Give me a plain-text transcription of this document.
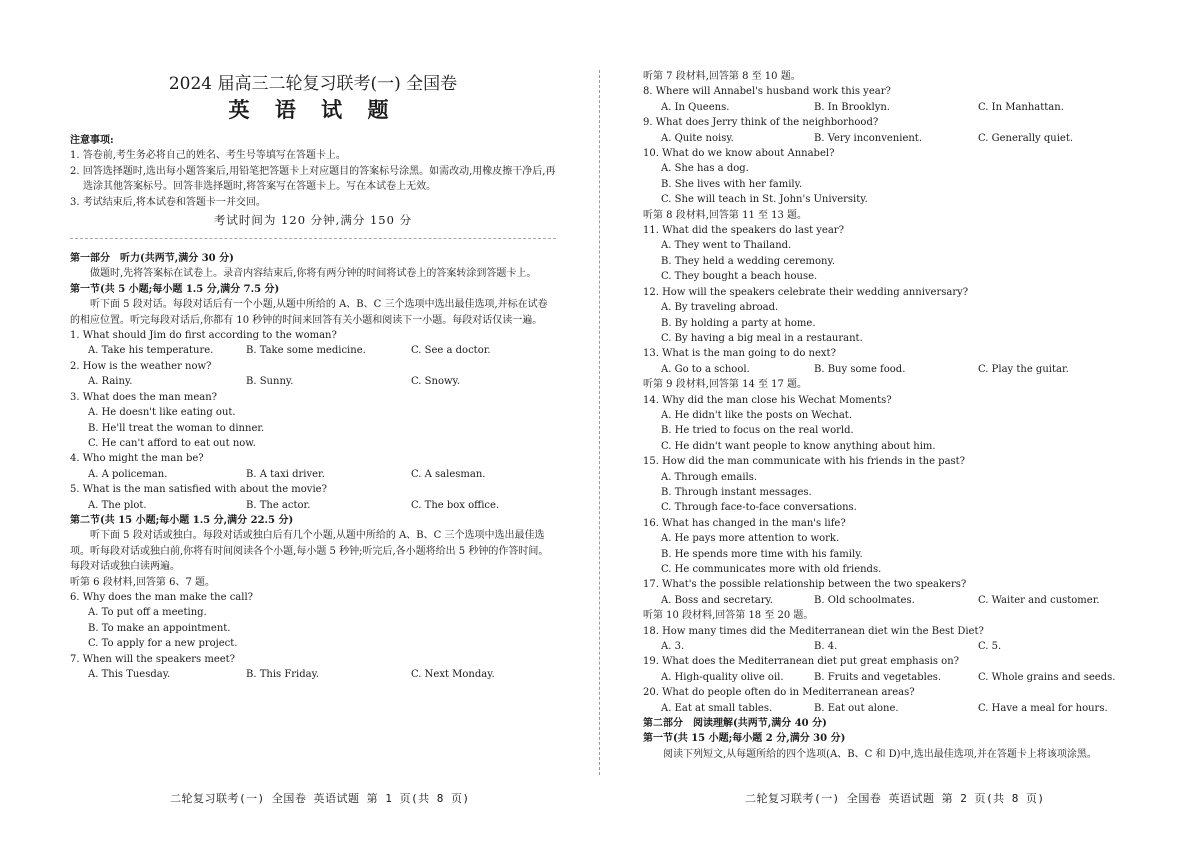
2024 届高三二轮复习联考(一) 全国卷
英 语 试 题
注意事项:
1. 答卷前,考生务必将自己的姓名、考生号等填写在答题卡上。
2. 回答选择题时,选出每小题答案后,用铅笔把答题卡上对应题目的答案标号涂黑。如需改动,用橡皮擦干净后,再选涂其他答案标号。回答非选择题时,将答案写在答题卡上。写在本试卷上无效。
3. 考试结束后,将本试卷和答题卡一并交回。
考试时间为 120 分钟,满分 150 分
第一部分　听力(共两节,满分 30 分)
做题时,先将答案标在试卷上。录音内容结束后,你将有两分钟的时间将试卷上的答案转涂到答题卡上。
第一节(共 5 小题;每小题 1.5 分,满分 7.5 分)
听下面 5 段对话。每段对话后有一个小题,从题中所给的 A、B、C 三个选项中选出最佳选项,并标在试卷的相应位置。听完每段对话后,你都有 10 秒钟的时间来回答有关小题和阅读下一小题。每段对话仅读一遍。
1. What should Jim do first according to the woman?
A. Take his temperature.	B. Take some medicine.	C. See a doctor.
2. How is the weather now?
A. Rainy.	B. Sunny.	C. Snowy.
3. What does the man mean?
A. He doesn't like eating out.
B. He'll treat the woman to dinner.
C. He can't afford to eat out now.
4. Who might the man be?
A. A policeman.	B. A taxi driver.	C. A salesman.
5. What is the man satisfied with about the movie?
A. The plot.	B. The actor.	C. The box office.
第二节(共 15 小题;每小题 1.5 分,满分 22.5 分)
听下面 5 段对话或独白。每段对话或独白后有几个小题,从题中所给的 A、B、C 三个选项中选出最佳选项。听每段对话或独白前,你将有时间阅读各个小题,每小题 5 秒钟;听完后,各小题将给出 5 秒钟的作答时间。每段对话或独白读两遍。
听第 6 段材料,回答第 6、7 题。
6. Why does the man make the call?
A. To put off a meeting.
B. To make an appointment.
C. To apply for a new project.
7. When will the speakers meet?
A. This Tuesday.	B. This Friday.	C. Next Monday.
听第 7 段材料,回答第 8 至 10 题。
8. Where will Annabel's husband work this year?
A. In Queens.	B. In Brooklyn.	C. In Manhattan.
9. What does Jerry think of the neighborhood?
A. Quite noisy.	B. Very inconvenient.	C. Generally quiet.
10. What do we know about Annabel?
A. She has a dog.
B. She lives with her family.
C. She will teach in St. John's University.
听第 8 段材料,回答第 11 至 13 题。
11. What did the speakers do last year?
A. They went to Thailand.
B. They held a wedding ceremony.
C. They bought a beach house.
12. How will the speakers celebrate their wedding anniversary?
A. By traveling abroad.
B. By holding a party at home.
C. By having a big meal in a restaurant.
13. What is the man going to do next?
A. Go to a school.	B. Buy some food.	C. Play the guitar.
听第 9 段材料,回答第 14 至 17 题。
14. Why did the man close his Wechat Moments?
A. He didn't like the posts on Wechat.
B. He tried to focus on the real world.
C. He didn't want people to know anything about him.
15. How did the man communicate with his friends in the past?
A. Through emails.
B. Through instant messages.
C. Through face-to-face conversations.
16. What has changed in the man's life?
A. He pays more attention to work.
B. He spends more time with his family.
C. He communicates more with old friends.
17. What's the possible relationship between the two speakers?
A. Boss and secretary.	B. Old schoolmates.	C. Waiter and customer.
听第 10 段材料,回答第 18 至 20 题。
18. How many times did the Mediterranean diet win the Best Diet?
A. 3.	B. 4.	C. 5.
19. What does the Mediterranean diet put great emphasis on?
A. High-quality olive oil.	B. Fruits and vegetables.	C. Whole grains and seeds.
20. What do people often do in Mediterranean areas?
A. Eat at small tables.	B. Eat out alone.	C. Have a meal for hours.
第二部分　阅读理解(共两节,满分 40 分)
第一节(共 15 小题;每小题 2 分,满分 30 分)
阅读下列短文,从每题所给的四个选项(A、B、C 和 D)中,选出最佳选项,并在答题卡上将该项涂黑。
二轮复习联考(一) 全国卷 英语试题 第 1 页(共 8 页)	二轮复习联考(一) 全国卷 英语试题 第 2 页(共 8 页)
